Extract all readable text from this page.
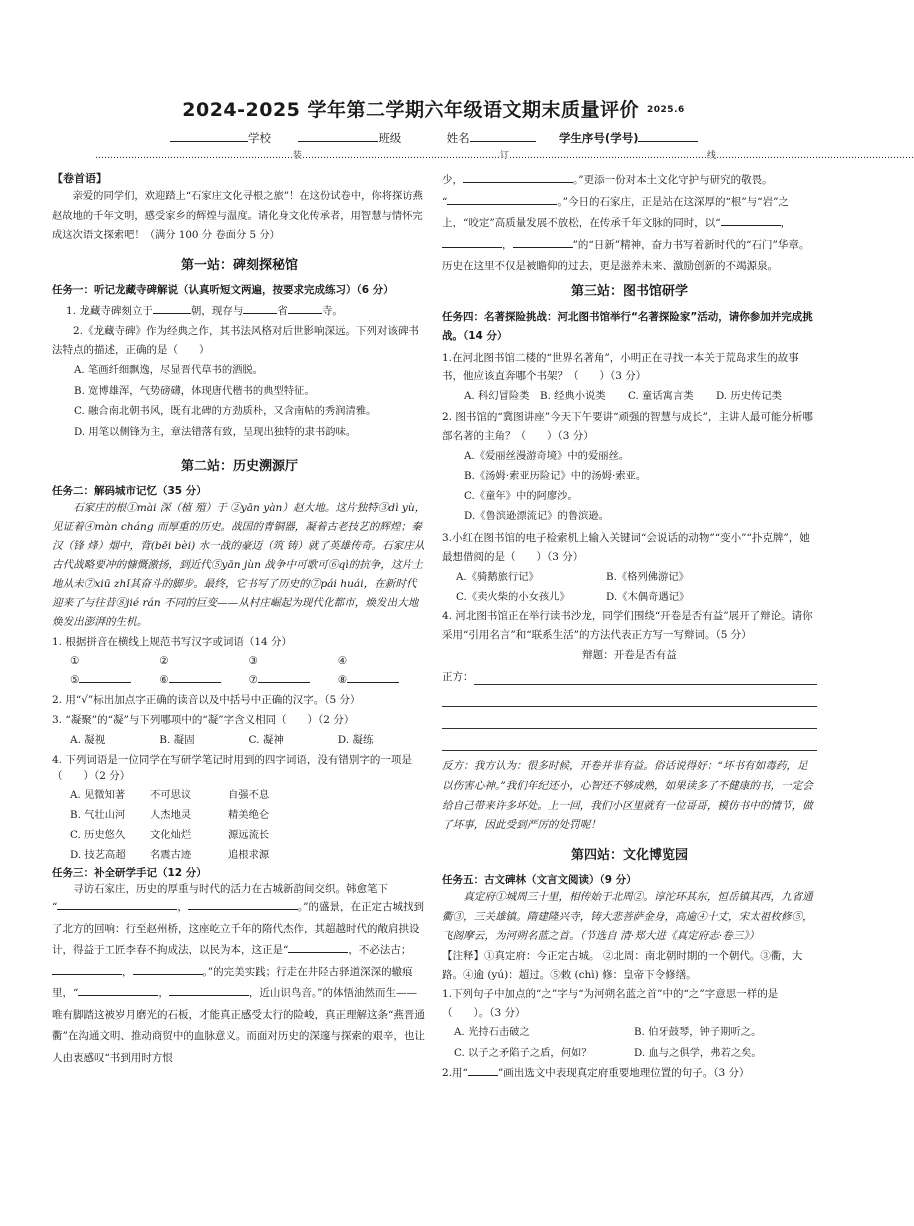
2024-2025 学年第二学期六年级语文期末质量评价 2025.6
学校	班级	姓名	学生序号(学号)
…………………………………………………………装…………………………………………………………订…………………………………………………………线…………………………………………………………

【卷首语】

亲爱的同学们，欢迎踏上“石家庄文化寻根之旅”！在这份试卷中，你将探访燕赵故地的千年文明，感受家乡的辉煌与温度。请化身文化传承者，用智慧与情怀完成这次语文探索吧！（满分 100 分 卷面分 5 分）

第一站：碑刻探秘馆

任务一：听记龙藏寺碑解说（认真听短文两遍，按要求完成练习）（6 分）

1. 龙藏寺碑刻立于	朝，现存与	省	寺。

2.《龙藏寺碑》作为经典之作，其书法风格对后世影响深远。下列对该碑书法特点的描述，正确的是（　　）

A. 笔画纤细飘逸，尽显晋代草书的洒脱。

B. 宽博雄浑，气势磅礴，体现唐代楷书的典型特征。

C. 融合南北朝书风，既有北碑的方劲质朴，又含南帖的秀润清雅。

D. 用笔以侧锋为主，章法错落有致，呈现出独特的隶书韵味。

第二站：历史溯源厅

任务二：解码城市记忆（35 分）

石家庄的根①mài 深（植 殖）于 ②yān yàn）赵大地。这片独特③dì yù，见证着④màn cháng 而厚重的历史。战国的青铜器，凝着古老技艺的辉煌；秦汉（锋 烽）烟中，背(bēi bèi) 水一战的豪迈（筑 铸）就了英雄传奇。石家庄从古代战略要冲的慷慨激扬，到近代⑤yān jùn 战争中可歌可⑥qì的抗争，这片土地从未⑦xiū zhǐ其奋斗的脚步。最终，它书写了历史的⑦pái huái，在新时代迎来了与往昔⑧jié rán 不同的巨变——从村庄崛起为现代化都市，焕发出大地焕发出澎湃的生机。

1. 根据拼音在横线上规范书写汉字或词语（14 分）

①	②	③	④
⑤	⑥	⑦	⑧

2. 用“√”标出加点字正确的读音以及中括号中正确的汉字。（5 分）

3. “凝聚”的“凝”与下列哪项中的“凝”字含义相同（　　）（2 分）

A. 凝视	B. 凝固	C. 凝神	D. 凝练

4. 下列词语是一位同学在写研学笔记时用到的四字词语，没有错别字的一项是（　　）（2 分）

A. 见微知著	不可思议	自强不息
B. 气壮山河	人杰地灵	精美绝仑
C. 历史悠久	文化灿烂	源远流长
D. 技艺高超	名震古迹	追根求源

任务三：补全研学手记（12 分）

寻访石家庄，历史的厚重与时代的活力在古城新韵间交织。韩愈笔下

“	，	。”的盛景，在正定古城找到了北方的回响：行至赵州桥，这座屹立千年的隋代杰作，其超越时代的敞肩拱设计，得益于工匠李春不拘成法，以民为本，这正是“	，不必法古；，	。”的完美实践；行走在井陉古驿道深深的辙痕里，“	，	，近山识鸟音。”的体悟油然而生——唯有脚踏这被岁月磨光的石板，才能真正感受太行的险峻，真正理解这条“燕晋通衢”在沟通文明、推动商贸中的血脉意义。而面对历史的深邃与探索的艰辛，也让人由衷感叹“书到用时方恨

少，	。”更添一份对本土文化守护与研究的敬畏。

“	。”今日的石家庄，正是站在这深厚的“根”与“岩”之上，“咬定”高质量发展不放松，在传承千年文脉的同时，以“	，，	”的“日新”精神，奋力书写着新时代的“石门”华章。历史在这里不仅是被瞻仰的过去，更是滋养未来、激励创新的不竭源泉。

第三站：图书馆研学

任务四：名著探险挑战：河北图书馆举行“名著探险家”活动，请你参加并完成挑战。（14 分）

1.在河北图书馆二楼的“世界名著角”，小明正在寻找一本关于荒岛求生的故事书，他应该直奔哪个书架？（　　）（3 分）

A. 科幻冒险类	B. 经典小说类	C. 童话寓言类	D. 历史传记类

2. 图书馆的“冀图讲座”今天下午要讲“顽强的智慧与成长”，主讲人最可能分析哪部名著的主角？（　　）（3 分）

A.《爱丽丝漫游奇境》中的爱丽丝。

B.《汤姆·索亚历险记》中的汤姆·索亚。

C.《童年》中的阿廖沙。

D.《鲁滨逊漂流记》的鲁滨逊。

3.小红在图书馆的电子检索机上输入关键词“会说话的动物”“变小”“扑克牌”，她最想借阅的是（　　）（3 分）

A.《骑鹅旅行记》	B.《格列佛游记》
C.《卖火柴的小女孩儿》	D.《木偶奇遇记》

4. 河北图书馆正在举行读书沙龙，同学们围绕“开卷是否有益”展开了辩论。请你采用“引用名言”和“联系生活”的方法代表正方写一写辩词。（5 分）

辩题：开卷是否有益

正方：

反方：我方认为：很多时候，开卷并非有益。俗话说得好：“坏书有如毒药，足以伤害心神。”我们年纪还小，心智还不够成熟，如果读多了不健康的书，一定会给自己带来许多坏处。上一回，我们小区里就有一位哥哥，模仿书中的情节，做了坏事，因此受到严厉的处罚呢！

第四站：文化博览园

任务五：古文碑林（文言文阅读）（9 分）

真定府①城周三十里，相传始于北周②。谆沱环其东，恒岳镇其西，九省通衢③，三关雄镇。隋建隆兴寺，铸大悲菩萨金身，高逾④十丈，宋太祖枚修⑤，飞阁摩云，为河朔名蓝之首。（节选自 清·郑大进《真定府志·卷三》）

【注释】①真定府：今正定古城。 ②北周：南北朝时期的一个朝代。③衢，大路。④逾 (yú)：超过。⑤敕 (chì) 修：皇帝下令修缮。

1.下列句子中加点的“之”字与“为河朔名蓝之首”中的“之”字意思一样的是（　　）。（3 分）

A. 光持石击破之	B. 伯牙鼓琴，钟子期听之。
C. 以子之矛陷子之盾，何如？	D. 血与之俱学，弗若之矣。

2.用“	”画出选文中表现真定府重要地理位置的句子。（3 分）
